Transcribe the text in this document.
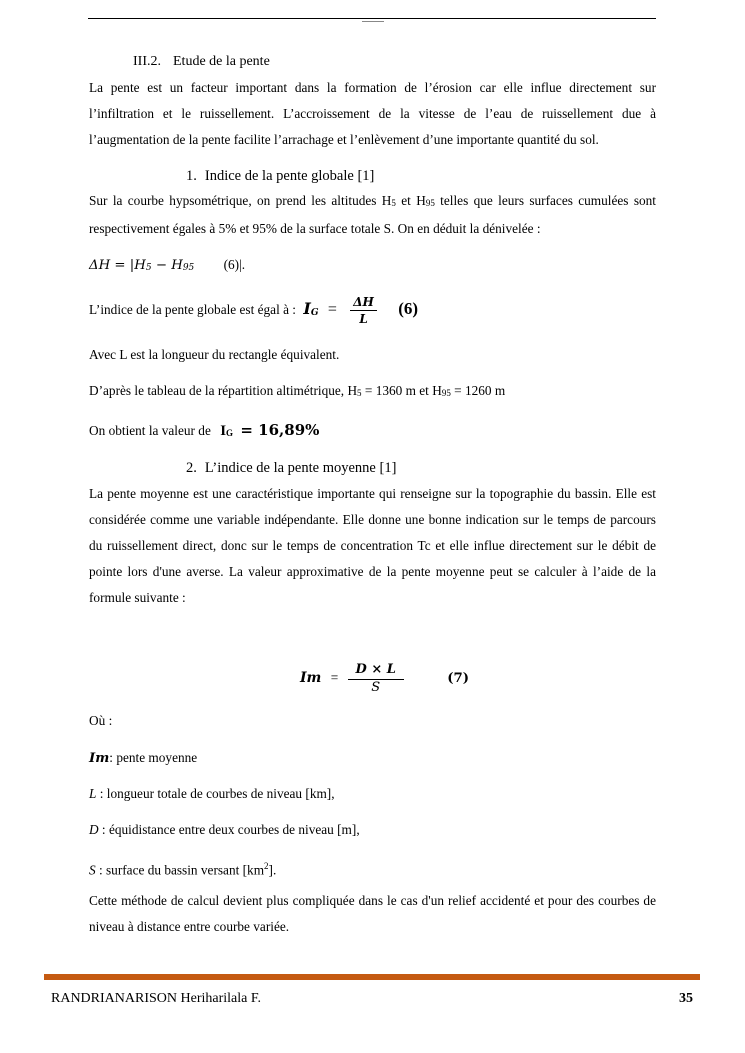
III.2. Etude de la pente
La pente est un facteur important dans la formation de l’érosion car elle influe directement sur l’infiltration et le ruissellement. L’accroissement de la vitesse de l’eau de ruissellement due à l’augmentation de la pente facilite l’arrachage et l’enlèvement d’une importante quantité du sol.
1. Indice de la pente globale [1]
Sur la courbe hypsométrique, on prend les altitudes $H_5$ et $H_{95}$ telles que leurs surfaces cumulées sont respectivement égales à 5% et 95% de la surface totale S. On en déduit la dénivelée :
$\Delta H = |H_5 - H_{95}$ (6)|.
L’indice de la pente globale est égal à : $I_G = \frac{\Delta H}{L} (6)$
Avec L est la longueur du rectangle équivalent.
D’après le tableau de la répartition altimétrique, $H_5 = 1360$ m et $H_{95} = 1260$ m
On obtient la valeur de $I_G = 16,89\%$
2. L’indice de la pente moyenne [1]
La pente moyenne est une caractéristique importante qui renseigne sur la topographie du bassin. Elle est considérée comme une variable indépendante. Elle donne une bonne indication sur le temps de parcours du ruissellement direct, donc sur le temps de concentration Tc et elle influe directement sur le débit de pointe lors d'une averse. La valeur approximative de la pente moyenne peut se calculer à l’aide de la formule suivante :
$Im = \frac{D \times L}{S}$	(7)
Où :
Im: pente moyenne
L : longueur totale de courbes de niveau [km],
D : équidistance entre deux courbes de niveau [m],
S : surface du bassin versant $[km^2]$.
Cette méthode de calcul devient plus compliquée dans le cas d'un relief accidenté et pour des courbes de niveau à distance entre courbe variée.
RANDRIANARISON Heriharilala F.	35
